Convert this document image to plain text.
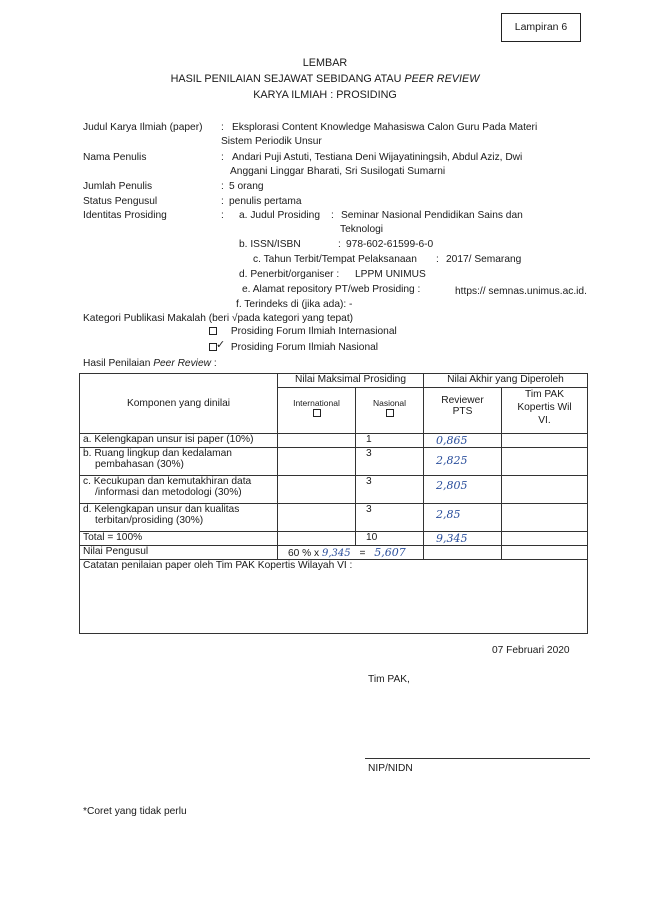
Lampiran 6
LEMBAR
HASIL PENILAIAN SEJAWAT SEBIDANG ATAU PEER REVIEW
KARYA ILMIAH : PROSIDING
Judul Karya Ilmiah (paper) : Eksplorasi Content Knowledge Mahasiswa Calon Guru Pada Materi
Sistem Periodik Unsur
Nama Penulis	: Andari Puji Astuti, Testiana Deni Wijayatiningsih, Abdul Aziz, Dwi
Anggani Linggar Bharati, Sri Susilogati Sumarni
Jumlah Penulis	: 5 orang
Status Pengusul	: penulis pertama
Identitas Prosiding	: a. Judul Prosiding : Seminar Nasional Pendidikan Sains dan
Teknologi
b. ISSN/ISBN	: 978-602-61599-6-0
c. Tahun Terbit/Tempat Pelaksanaan : 2017/ Semarang
d. Penerbit/organiser : LPPM UNIMUS
e. Alamat repository PT/web Prosiding :	https:// semnas.unimus.ac.id.
f. Terindeks di (jika ada): -
Kategori Publikasi Makalah (beri √pada kategori yang tepat)
Prosiding Forum Ilmiah Internasional
Prosiding Forum Ilmiah Nasional
✓
Hasil Penilaian Peer Review :
Komponen yang dinilai	Nilai Maksimal Prosiding		Nilai Akhir yang Diperoleh	

	International	Nasional	Reviewer PTS	Tim PAK
Kopertis Wil
VI.

a. Kelengkapan unsur isi paper (10%)		1	0,865	

b. Ruang lingkup dan kedalaman
pembahasan (30%)		3	2,825	

c. Kecukupan dan kemutakhiran data
/informasi dan metodologi (30%)		3	2,805	

d. Kelengkapan unsur dan kualitas
terbitan/prosiding (30%)		3	2,85	
Total = 100%		10	9,345	
Nilai Pengusul	60 % x 9,345 = 5,607			
Catatan penilaian paper oleh Tim PAK Kopertis Wilayah VI :				
07 Februari 2020
Tim PAK,
NIP/NIDN
*Coret yang tidak perlu
